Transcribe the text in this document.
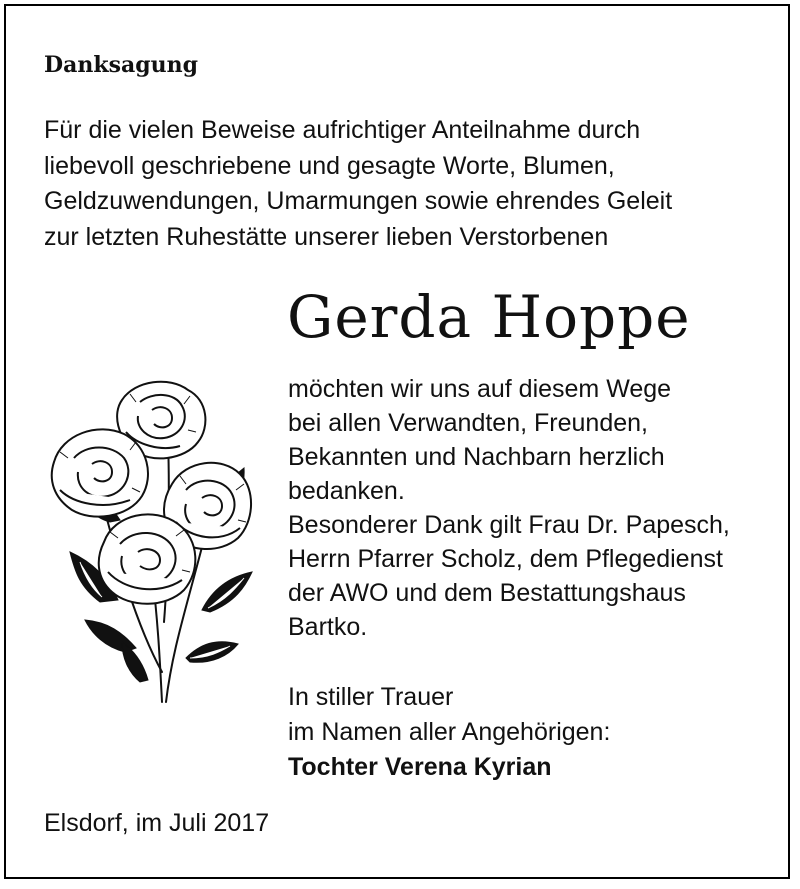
Danksagung
Für die vielen Beweise aufrichtiger Anteilnahme durch
liebevoll geschriebene und gesagte Worte, Blumen,
Geldzuwendungen, Umarmungen sowie ehrendes Geleit
zur letzten Ruhestätte unserer lieben Verstorbenen
Gerda Hoppe
möchten wir uns auf diesem Wege
bei allen Verwandten, Freunden,
Bekannten und Nachbarn herzlich
bedanken.
Besonderer Dank gilt Frau Dr. Papesch,
Herrn Pfarrer Scholz, dem Pflegedienst
der AWO und dem Bestattungshaus
Bartko.
In stiller Trauer
im Namen aller Angehörigen:
Tochter Verena Kyrian
Elsdorf, im Juli 2017
